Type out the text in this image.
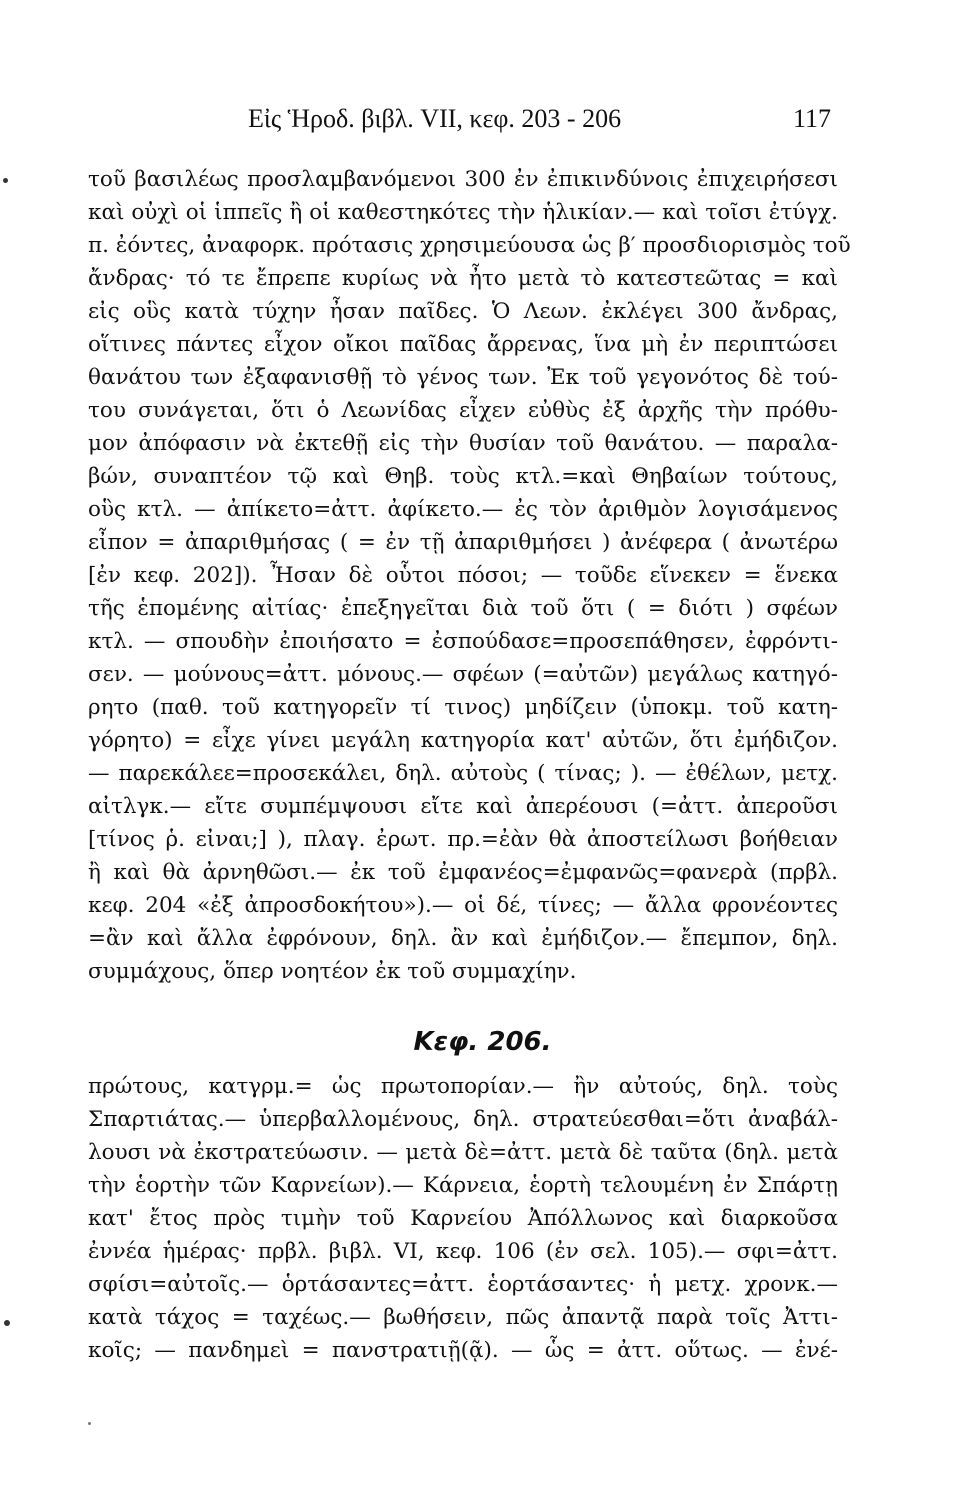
Εἰς Ἡροδ. βιβλ. VII, κεφ. 203 - 206	117
τοῦ βασιλέως προσλαμβανόμενοι 300 ἐν ἐπικινδύνοις ἐπιχειρήσεσι
καὶ οὐχὶ οἱ ἱππεῖς ἢ οἱ καθεστηκότες τὴν ἡλικίαν.— καὶ τοῖσι ἐτύγχ.
π. ἐόντες, ἀναφορκ. πρότασις χρησιμεύουσα ὡς β′ προσδιορισμὸς τοῦ
ἄνδρας· τό τε ἔπρεπε κυρίως νὰ ἦτο μετὰ τὸ κατεστεῶτας = καὶ
εἰς οὓς κατὰ τύχην ἦσαν παῖδες. Ὁ Λεων. ἐκλέγει 300 ἄνδρας,
οἵτινες πάντες εἶχον οἴκοι παῖδας ἄρρενας, ἵνα μὴ ἐν περιπτώσει
θανάτου των ἐξαφανισθῇ τὸ γένος των. Ἐκ τοῦ γεγονότος δὲ τού-
του συνάγεται, ὅτι ὁ Λεωνίδας εἶχεν εὐθὺς ἐξ ἀρχῆς τὴν πρόθυ-
μον ἀπόφασιν νὰ ἐκτεθῇ εἰς τὴν θυσίαν τοῦ θανάτου. — παραλα-
βών, συναπτέον τῷ καὶ Θηβ. τοὺς κτλ.=καὶ Θηβαίων τούτους,
οὓς κτλ. — ἀπίκετο=ἀττ. ἀφίκετο.— ἐς τὸν ἀριθμὸν λογισάμενος
εἶπον = ἀπαριθμήσας ( = ἐν τῇ ἀπαριθμήσει ) ἀνέφερα ( ἀνωτέρω
[ἐν κεφ. 202]). Ἦσαν δὲ οὗτοι πόσοι; — τοῦδε εἵνεκεν = ἕνεκα
τῆς ἑπομένης αἰτίας· ἐπεξηγεῖται διὰ τοῦ ὅτι ( = διότι ) σφέων
κτλ. — σπουδὴν ἐποιήσατο = ἐσπούδασε=προσεπάθησεν, ἐφρόντι-
σεν. — μούνους=ἀττ. μόνους.— σφέων (=αὐτῶν) μεγάλως κατηγό-
ρητο (παθ. τοῦ κατηγορεῖν τί τινος) μηδίζειν (ὑποκμ. τοῦ κατη-
γόρητο) = εἶχε γίνει μεγάλη κατηγορία κατ' αὐτῶν, ὅτι ἐμήδιζον.
— παρεκάλεε=προσεκάλει, δηλ. αὐτοὺς ( τίνας; ). — ἐθέλων, μετχ.
αἰτλγκ.— εἴτε συμπέμψουσι εἴτε καὶ ἀπερέουσι (=ἀττ. ἀπεροῦσι
[τίνος ῥ. εἰναι;] ), πλαγ. ἐρωτ. πρ.=ἐὰν θὰ ἀποστείλωσι βοήθειαν
ἢ καὶ θὰ ἀρνηθῶσι.— ἐκ τοῦ ἐμφανέος=ἐμφανῶς=φανερὰ (πρβλ.
κεφ. 204 «ἐξ ἀπροσδοκήτου»).— οἱ δέ, τίνες; — ἄλλα φρονέοντες
=ἂν καὶ ἄλλα ἐφρόνουν, δηλ. ἂν καὶ ἐμήδιζον.— ἔπεμπον, δηλ.
συμμάχους, ὅπερ νοητέον ἐκ τοῦ συμμαχίην.
Κεφ. 206.
πρώτους, κατγρμ.= ὡς πρωτοπορίαν.— ἢν αὐτούς, δηλ. τοὺς
Σπαρτιάτας.— ὑπερβαλλομένους, δηλ. στρατεύεσθαι=ὅτι ἀναβάλ-
λουσι νὰ ἐκστρατεύωσιν. — μετὰ δὲ=ἀττ. μετὰ δὲ ταῦτα (δηλ. μετὰ
τὴν ἑορτὴν τῶν Καρνείων).— Κάρνεια, ἑορτὴ τελουμένη ἐν Σπάρτῃ
κατ' ἔτος πρὸς τιμὴν τοῦ Καρνείου Ἀπόλλωνος καὶ διαρκοῦσα
ἐννέα ἡμέρας· πρβλ. βιβλ. VI, κεφ. 106 (ἐν σελ. 105).— σφι=ἀττ.
σφίσι=αὐτοῖς.— ὁρτάσαντες=ἀττ. ἑορτάσαντες· ἡ μετχ. χρονκ.—
κατὰ τάχος = ταχέως.— βωθήσειν, πῶς ἀπαντᾷ παρὰ τοῖς Ἀττι-
κοῖς; — πανδημεὶ = πανστρατιῇ(ᾷ). — ὧς = ἀττ. οὕτως. — ἐνέ-
